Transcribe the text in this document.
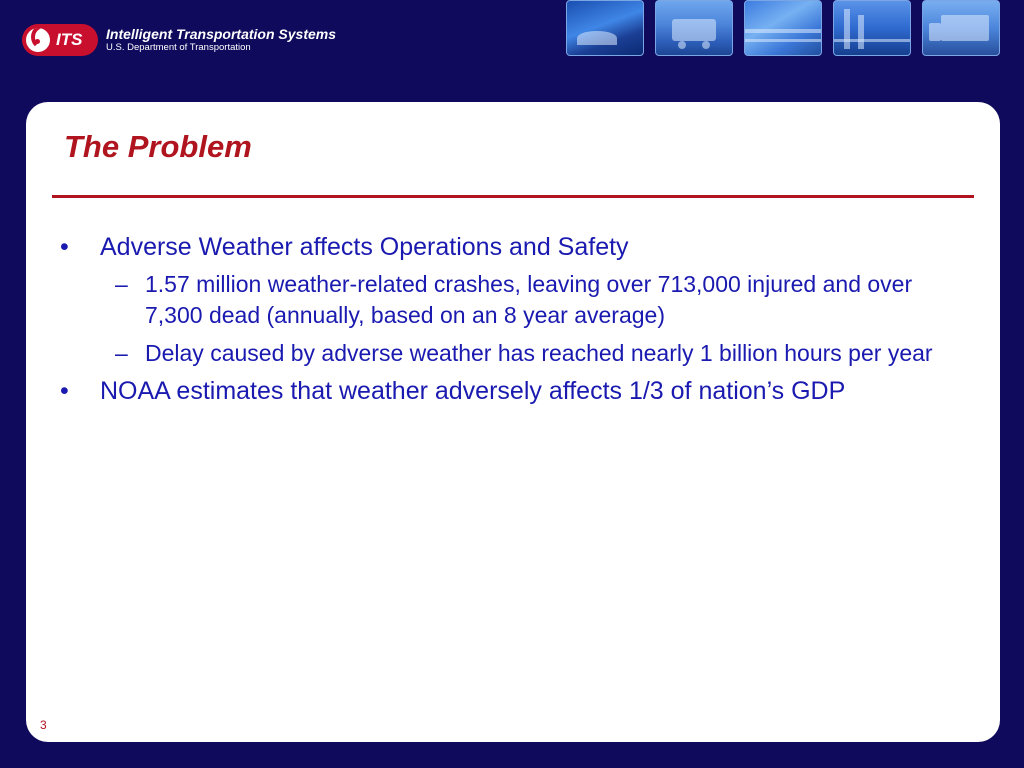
ITS Intelligent Transportation Systems
U.S. Department of Transportation
The Problem
• Adverse Weather affects Operations and Safety
– 1.57 million weather-related crashes, leaving over 713,000 injured and over 7,300 dead (annually, based on an 8 year average)
– Delay caused by adverse weather has reached nearly 1 billion hours per year
• NOAA estimates that weather adversely affects 1/3 of nation’s GDP
3
